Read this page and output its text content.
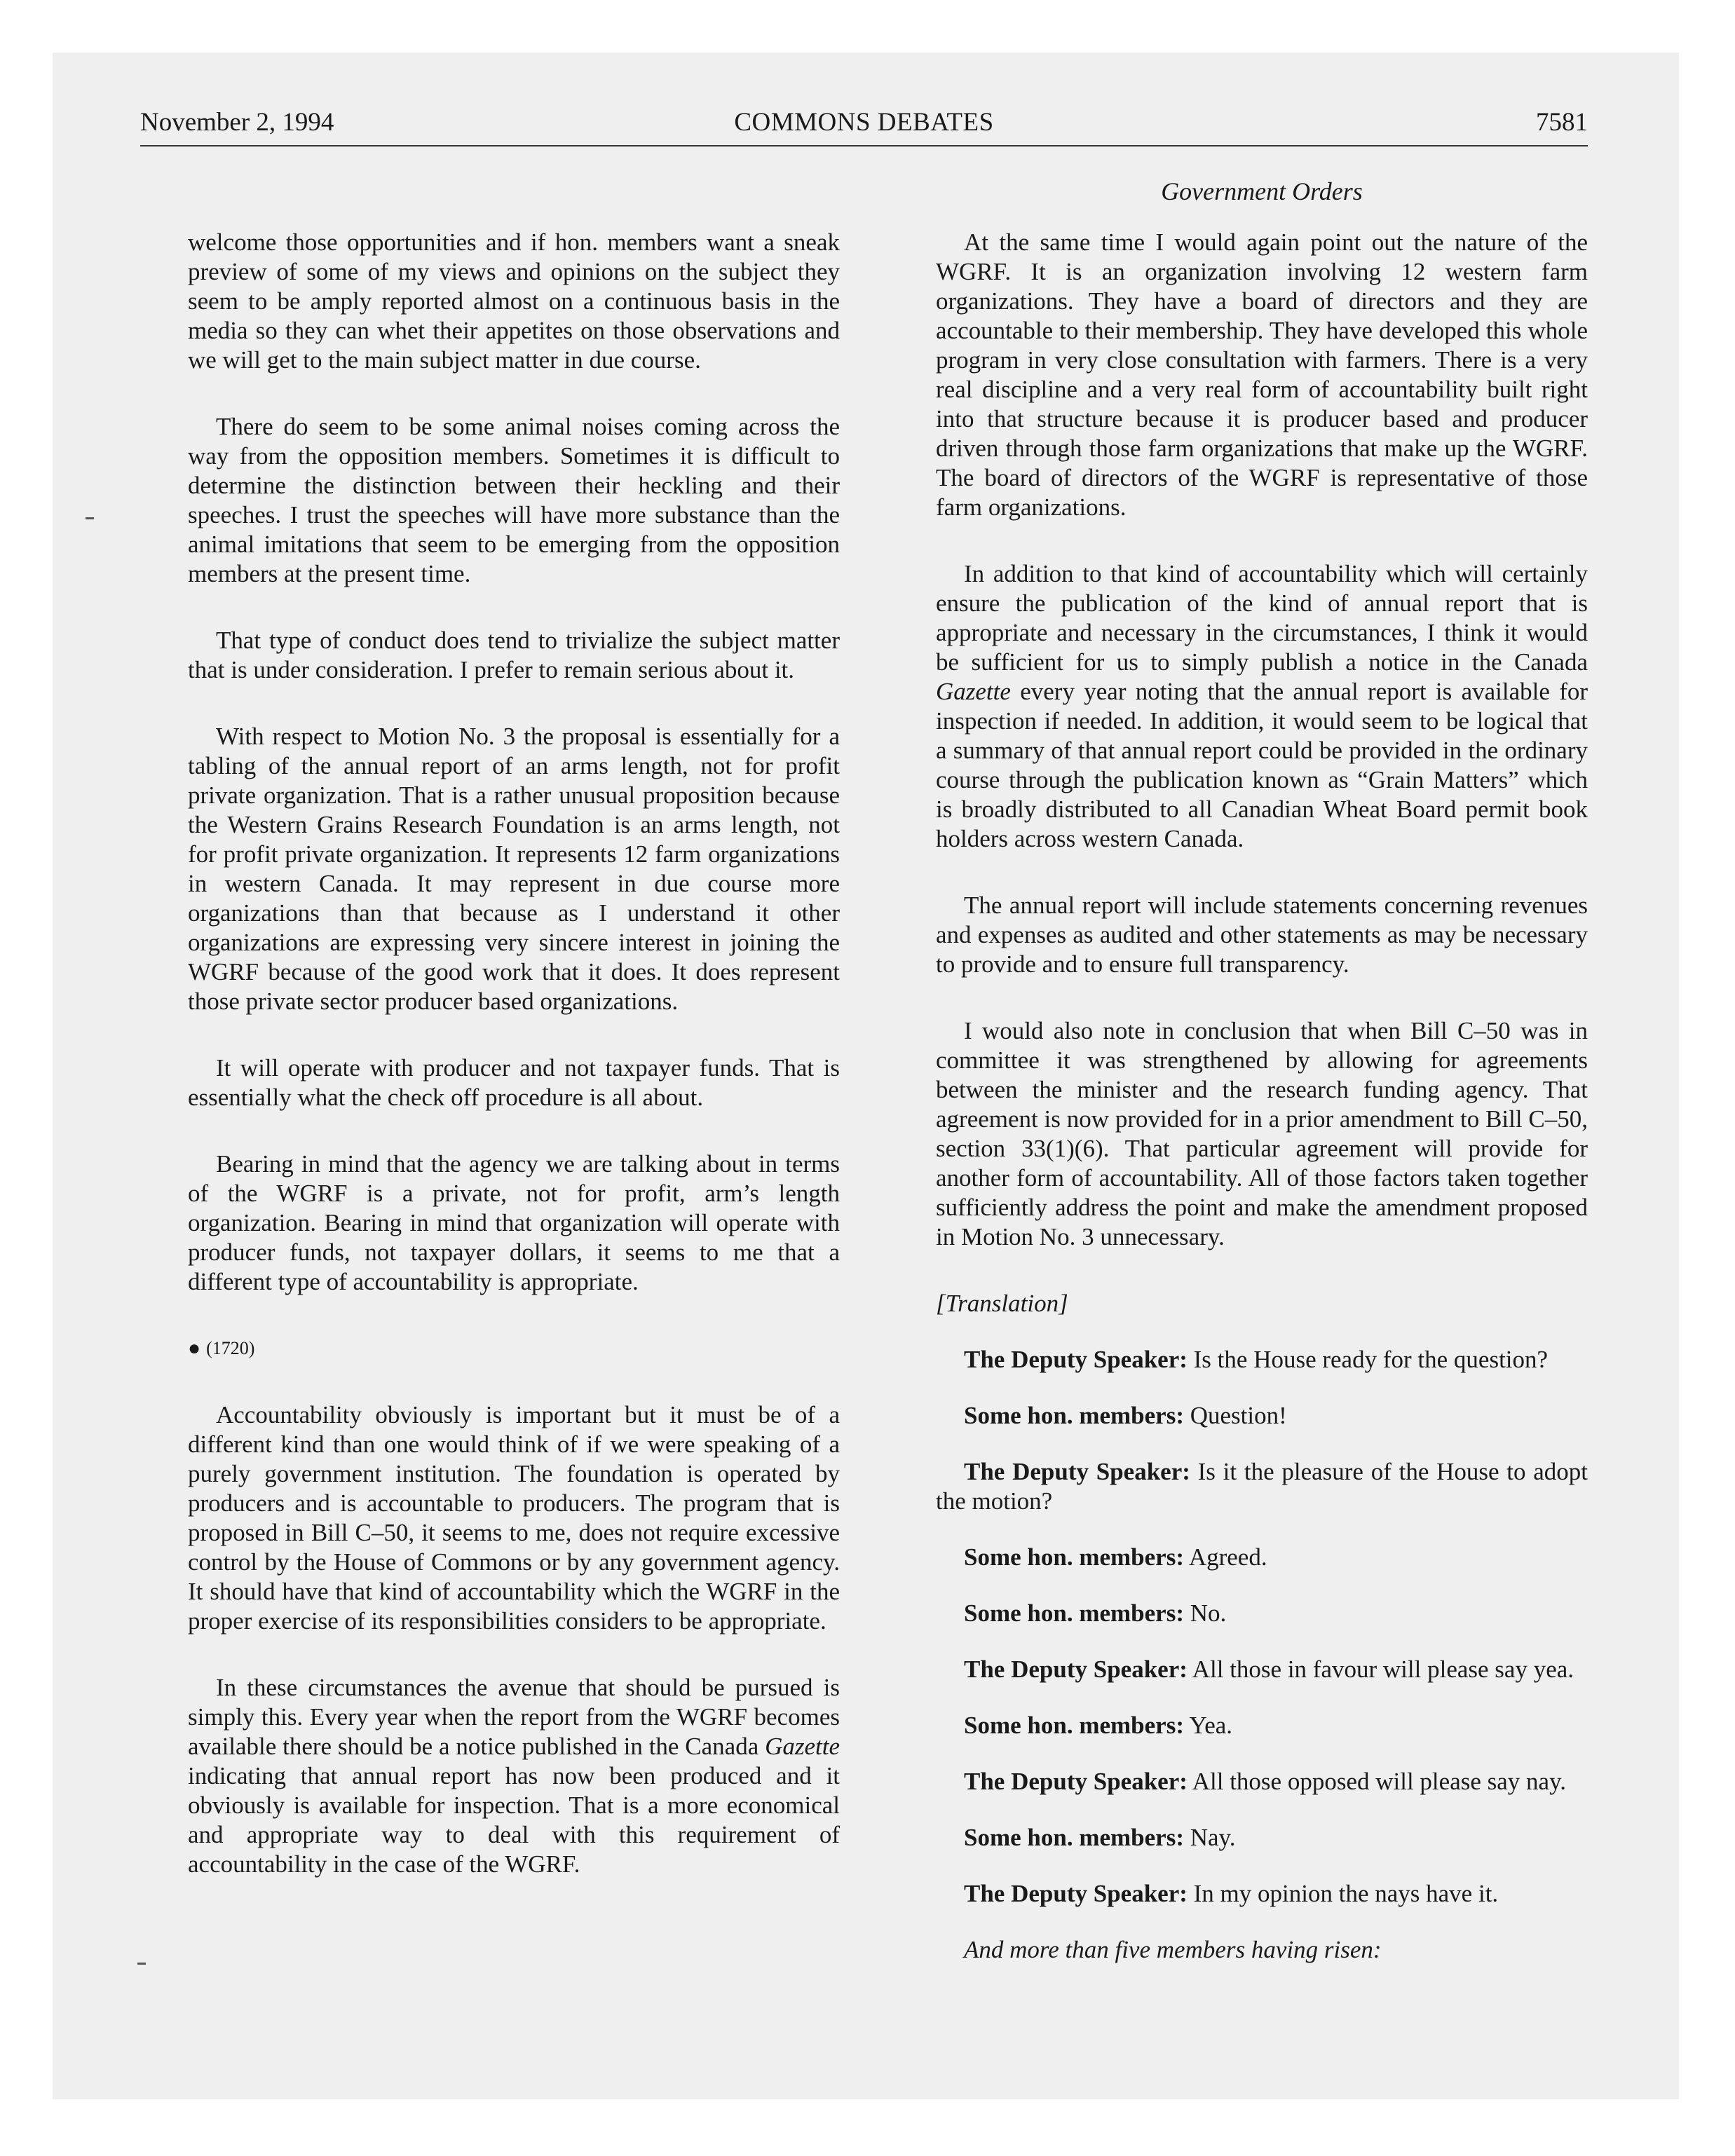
November 2, 1994	COMMONS DEBATES	7581
Government Orders

welcome those opportunities and if hon. members want a sneak preview of some of my views and opinions on the subject they seem to be amply reported almost on a continuous basis in the media so they can whet their appetites on those observations and we will get to the main subject matter in due course.

There do seem to be some animal noises coming across the way from the opposition members. Sometimes it is difficult to determine the distinction between their heckling and their speeches. I trust the speeches will have more substance than the animal imitations that seem to be emerging from the opposition members at the present time.

That type of conduct does tend to trivialize the subject matter that is under consideration. I prefer to remain serious about it.

With respect to Motion No. 3 the proposal is essentially for a tabling of the annual report of an arms length, not for profit private organization. That is a rather unusual proposition because the Western Grains Research Foundation is an arms length, not for profit private organization. It represents 12 farm organizations in western Canada. It may represent in due course more organizations than that because as I understand it other organizations are expressing very sincere interest in joining the WGRF because of the good work that it does. It does represent those private sector producer based organizations.

It will operate with producer and not taxpayer funds. That is essentially what the check off procedure is all about.

Bearing in mind that the agency we are talking about in terms of the WGRF is a private, not for profit, arm’s length organization. Bearing in mind that organization will operate with producer funds, not taxpayer dollars, it seems to me that a different type of accountability is appropriate.

● (1720)

Accountability obviously is important but it must be of a different kind than one would think of if we were speaking of a purely government institution. The foundation is operated by producers and is accountable to producers. The program that is proposed in Bill C–50, it seems to me, does not require excessive control by the House of Commons or by any government agency. It should have that kind of accountability which the WGRF in the proper exercise of its responsibilities considers to be appropriate.

In these circumstances the avenue that should be pursued is simply this. Every year when the report from the WGRF becomes available there should be a notice published in the Canada Gazette indicating that annual report has now been produced and it obviously is available for inspection. That is a more economical and appropriate way to deal with this requirement of accountability in the case of the WGRF.

At the same time I would again point out the nature of the WGRF. It is an organization involving 12 western farm organizations. They have a board of directors and they are accountable to their membership. They have developed this whole program in very close consultation with farmers. There is a very real discipline and a very real form of accountability built right into that structure because it is producer based and producer driven through those farm organizations that make up the WGRF. The board of directors of the WGRF is representative of those farm organizations.

In addition to that kind of accountability which will certainly ensure the publication of the kind of annual report that is appropriate and necessary in the circumstances, I think it would be sufficient for us to simply publish a notice in the Canada Gazette every year noting that the annual report is available for inspection if needed. In addition, it would seem to be logical that a summary of that annual report could be provided in the ordinary course through the publication known as “Grain Matters” which is broadly distributed to all Canadian Wheat Board permit book holders across western Canada.

The annual report will include statements concerning revenues and expenses as audited and other statements as may be necessary to provide and to ensure full transparency.

I would also note in conclusion that when Bill C–50 was in committee it was strengthened by allowing for agreements between the minister and the research funding agency. That agreement is now provided for in a prior amendment to Bill C–50, section 33(1)(6). That particular agreement will provide for another form of accountability. All of those factors taken together sufficiently address the point and make the amendment proposed in Motion No. 3 unnecessary.

[Translation]

The Deputy Speaker: Is the House ready for the question?

Some hon. members: Question!

The Deputy Speaker: Is it the pleasure of the House to adopt the motion?

Some hon. members: Agreed.

Some hon. members: No.

The Deputy Speaker: All those in favour will please say yea.

Some hon. members: Yea.

The Deputy Speaker: All those opposed will please say nay.

Some hon. members: Nay.

The Deputy Speaker: In my opinion the nays have it.

And more than five members having risen:
